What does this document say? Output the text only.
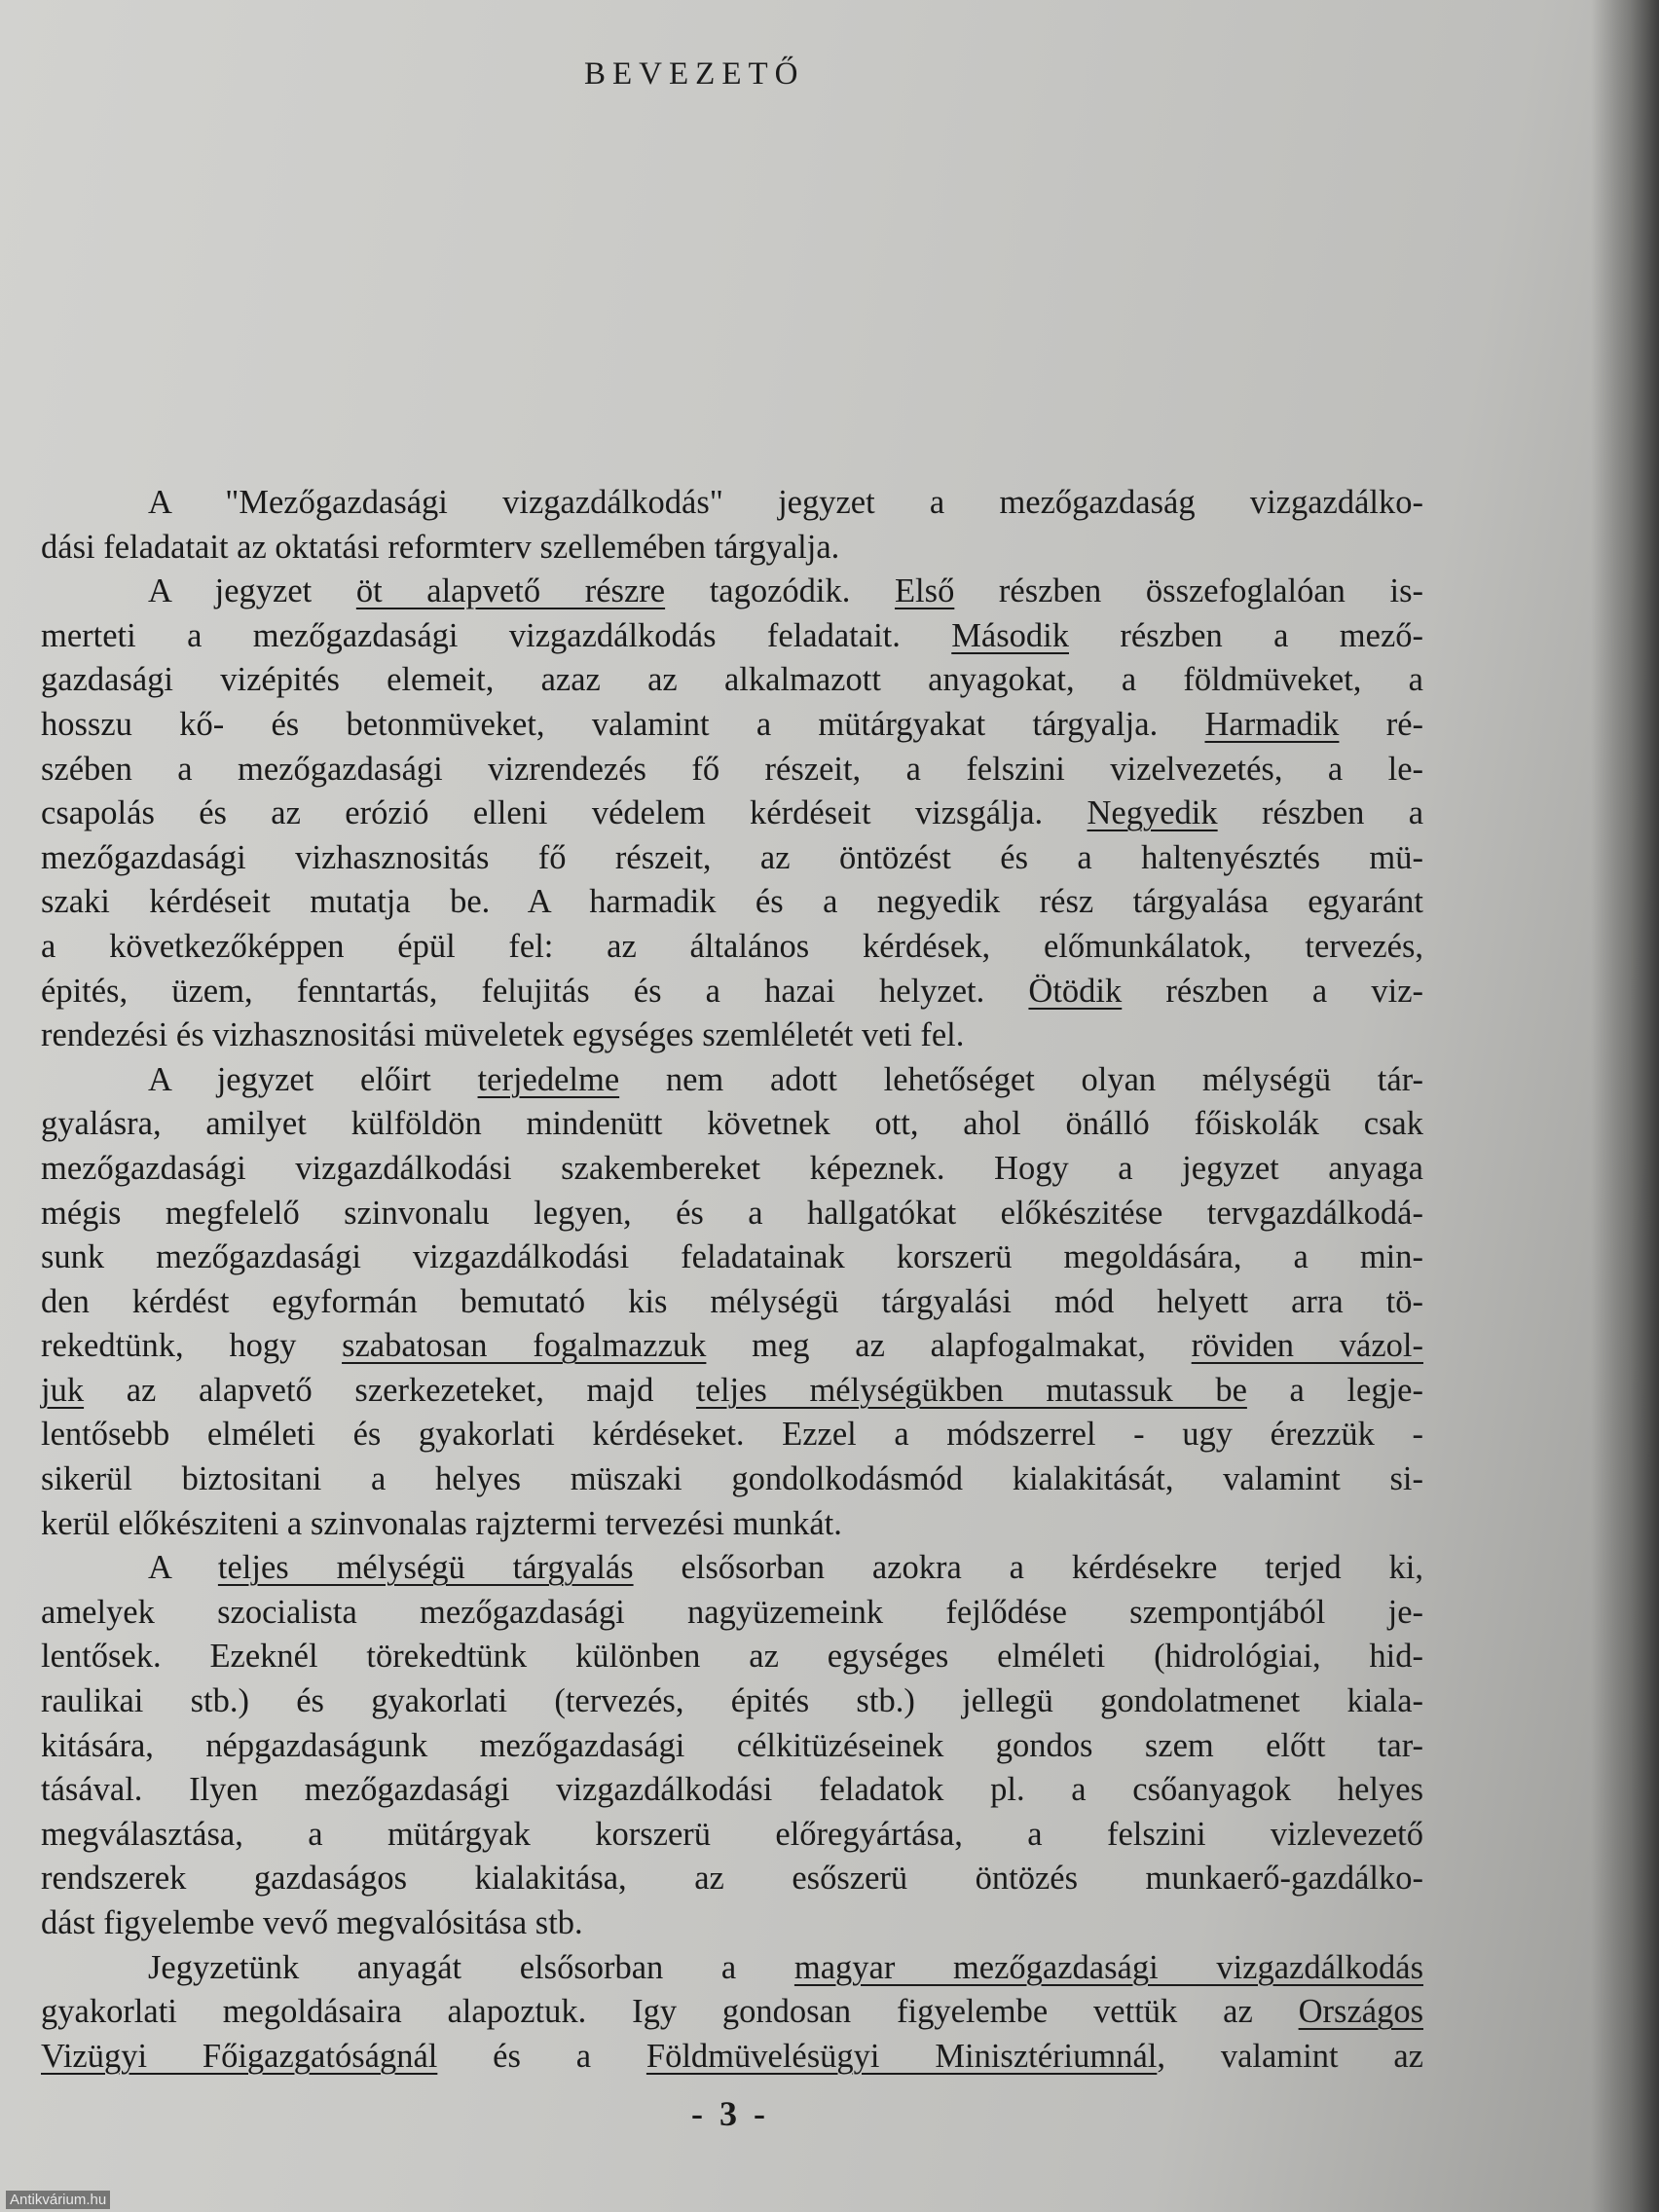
BEVEZETŐ
A "Mezőgazdasági vizgazdálkodás" jegyzet a mezőgazdaság vizgazdálko-
dási feladatait az oktatási reformterv szellemében tárgyalja.
A jegyzet öt alapvető részre tagozódik. Első részben összefoglalóan is-
merteti a mezőgazdasági vizgazdálkodás feladatait. Második részben a mező-
gazdasági vizépités elemeit, azaz az alkalmazott anyagokat, a földmüveket, a
hosszu kő- és betonmüveket, valamint a mütárgyakat tárgyalja. Harmadik ré-
szében a mezőgazdasági vizrendezés fő részeit, a felszini vizelvezetés, a le-
csapolás és az erózió elleni védelem kérdéseit vizsgálja. Negyedik részben a
mezőgazdasági vizhasznositás fő részeit, az öntözést és a haltenyésztés mü-
szaki kérdéseit mutatja be. A harmadik és a negyedik rész tárgyalása egyaránt
a következőképpen épül fel: az általános kérdések, előmunkálatok, tervezés,
épités, üzem, fenntartás, felujitás és a hazai helyzet. Ötödik részben a viz-
rendezési és vizhasznositási müveletek egységes szemléletét veti fel.
A jegyzet előirt terjedelme nem adott lehetőséget olyan mélységü tár-
gyalásra, amilyet külföldön mindenütt követnek ott, ahol önálló főiskolák csak
mezőgazdasági vizgazdálkodási szakembereket képeznek. Hogy a jegyzet anyaga
mégis megfelelő szinvonalu legyen, és a hallgatókat előkészitése tervgazdálkodá-
sunk mezőgazdasági vizgazdálkodási feladatainak korszerü megoldására, a min-
den kérdést egyformán bemutató kis mélységü tárgyalási mód helyett arra tö-
rekedtünk, hogy szabatosan fogalmazzuk meg az alapfogalmakat, röviden vázol-
juk az alapvető szerkezeteket, majd teljes mélységükben mutassuk be a legje-
lentősebb elméleti és gyakorlati kérdéseket. Ezzel a módszerrel - ugy érezzük -
sikerül biztositani a helyes müszaki gondolkodásmód kialakitását, valamint si-
kerül előkésziteni a szinvonalas rajztermi tervezési munkát.
A teljes mélységü tárgyalás elsősorban azokra a kérdésekre terjed ki,
amelyek szocialista mezőgazdasági nagyüzemeink fejlődése szempontjából je-
lentősek. Ezeknél törekedtünk különben az egységes elméleti (hidrológiai, hid-
raulikai stb.) és gyakorlati (tervezés, épités stb.) jellegü gondolatmenet kiala-
kitására, népgazdaságunk mezőgazdasági célkitüzéseinek gondos szem előtt tar-
tásával. Ilyen mezőgazdasági vizgazdálkodási feladatok pl. a csőanyagok helyes
megválasztása, a mütárgyak korszerü előregyártása, a felszini vizlevezető
rendszerek gazdaságos kialakitása, az esőszerü öntözés munkaerő-gazdálko-
dást figyelembe vevő megvalósitása stb.
Jegyzetünk anyagát elsősorban a magyar mezőgazdasági vizgazdálkodás
gyakorlati megoldásaira alapoztuk. Igy gondosan figyelembe vettük az Országos
Vizügyi Főigazgatóságnál és a Földmüvelésügyi Minisztériumnál, valamint az
- 3 -
Antikvárium.hu
